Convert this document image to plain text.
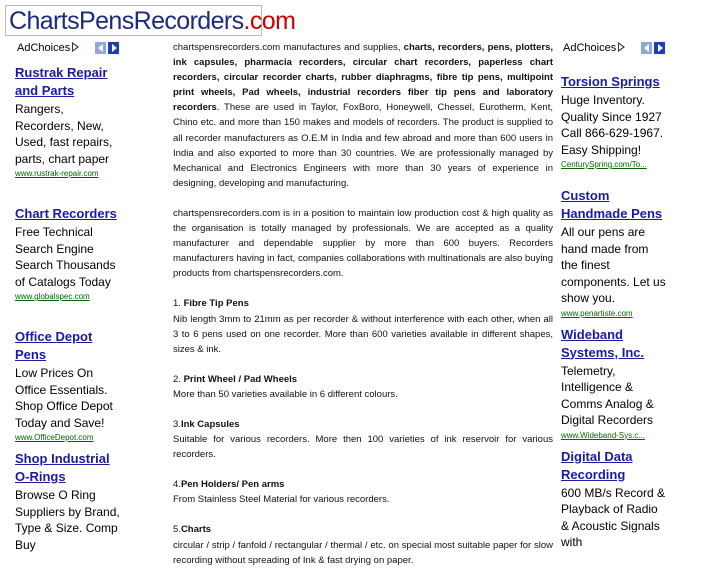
ChartsPensRecorders.com
AdChoices
Rustrak Repair and Parts
Rangers, Recorders, New, Used, fast repairs, parts, chart paper
www.rustrak-repair.com
Chart Recorders
Free Technical Search Engine Search Thousands of Catalogs Today
www.globalspec.com
Office Depot Pens
Low Prices On Office Essentials. Shop Office Depot Today and Save!
www.OfficeDepot.com
Shop Industrial O-Rings
Browse O Ring Suppliers by Brand, Type & Size. Comp Buy

chartspensrecorders.com manufactures and supplies, charts, recorders, pens, plotters, ink capsules, pharmacia recorders, circular chart recorders, paperless chart recorders, circular recorder charts, rubber diaphragms, fibre tip pens, multipoint print wheels, Pad wheels, industrial recorders fiber tip pens and laboratory recorders. These are used in Taylor, FoxBoro, Honeywell, Chessel, Eurotherm, Kent, Chino etc. and more than 150 makes and models of recorders. The product is supplied to all recorder manufacturers as O.E.M in India and few abroad and more than 600 users in India and also exported to more than 30 countries. We are professionally managed by Mechanical and Electronics Engineers with more than 30 years of experience in designing, developing and manufacturing.

chartspensrecorders.com is in a position to maintain low production cost & high quality as the organisation is totally managed by professionals. We are accepted as a quality manufacturer and dependable supplier by more than 600 buyers. Recorders manufacturers having in fact, companies collaborations with multinationals are also buying products from chartspensrecorders.com.

1. Fibre Tip Pens
Nib length 3mm to 21mm as per recorder & without interference with each other, when all 3 to 6 pens used on one recorder. More than 600 varieties available in different shapes, sizes & ink.

2. Print Wheel / Pad Wheels
More than 50 varieties available in 6 different colours.

3.Ink Capsules
Suitable for various recorders. More then 100 varieties of ink reservoir for various recorders.

4.Pen Holders/ Pen arms
From Stainless Steel Material for various recorders.

5.Charts
circular / strip / fanfold / rectangular / thermal / etc. on special most suitable paper for slow recording without spreading of Ink & fast drying on paper.

AdChoices
Torsion Springs
Huge Inventory. Quality Since 1927 Call 866-629-1967. Easy Shipping!
CenturySpring.com/To...
Custom Handmade Pens
All our pens are hand made from the finest components. Let us show you.
www.penartiste.com
Wideband Systems, Inc.
Telemetry, Intelligence & Comms Analog & Digital Recorders
www.Wideband-Sys.c...
Digital Data Recording
600 MB/s Record & Playback of Radio & Acoustic Signals with
